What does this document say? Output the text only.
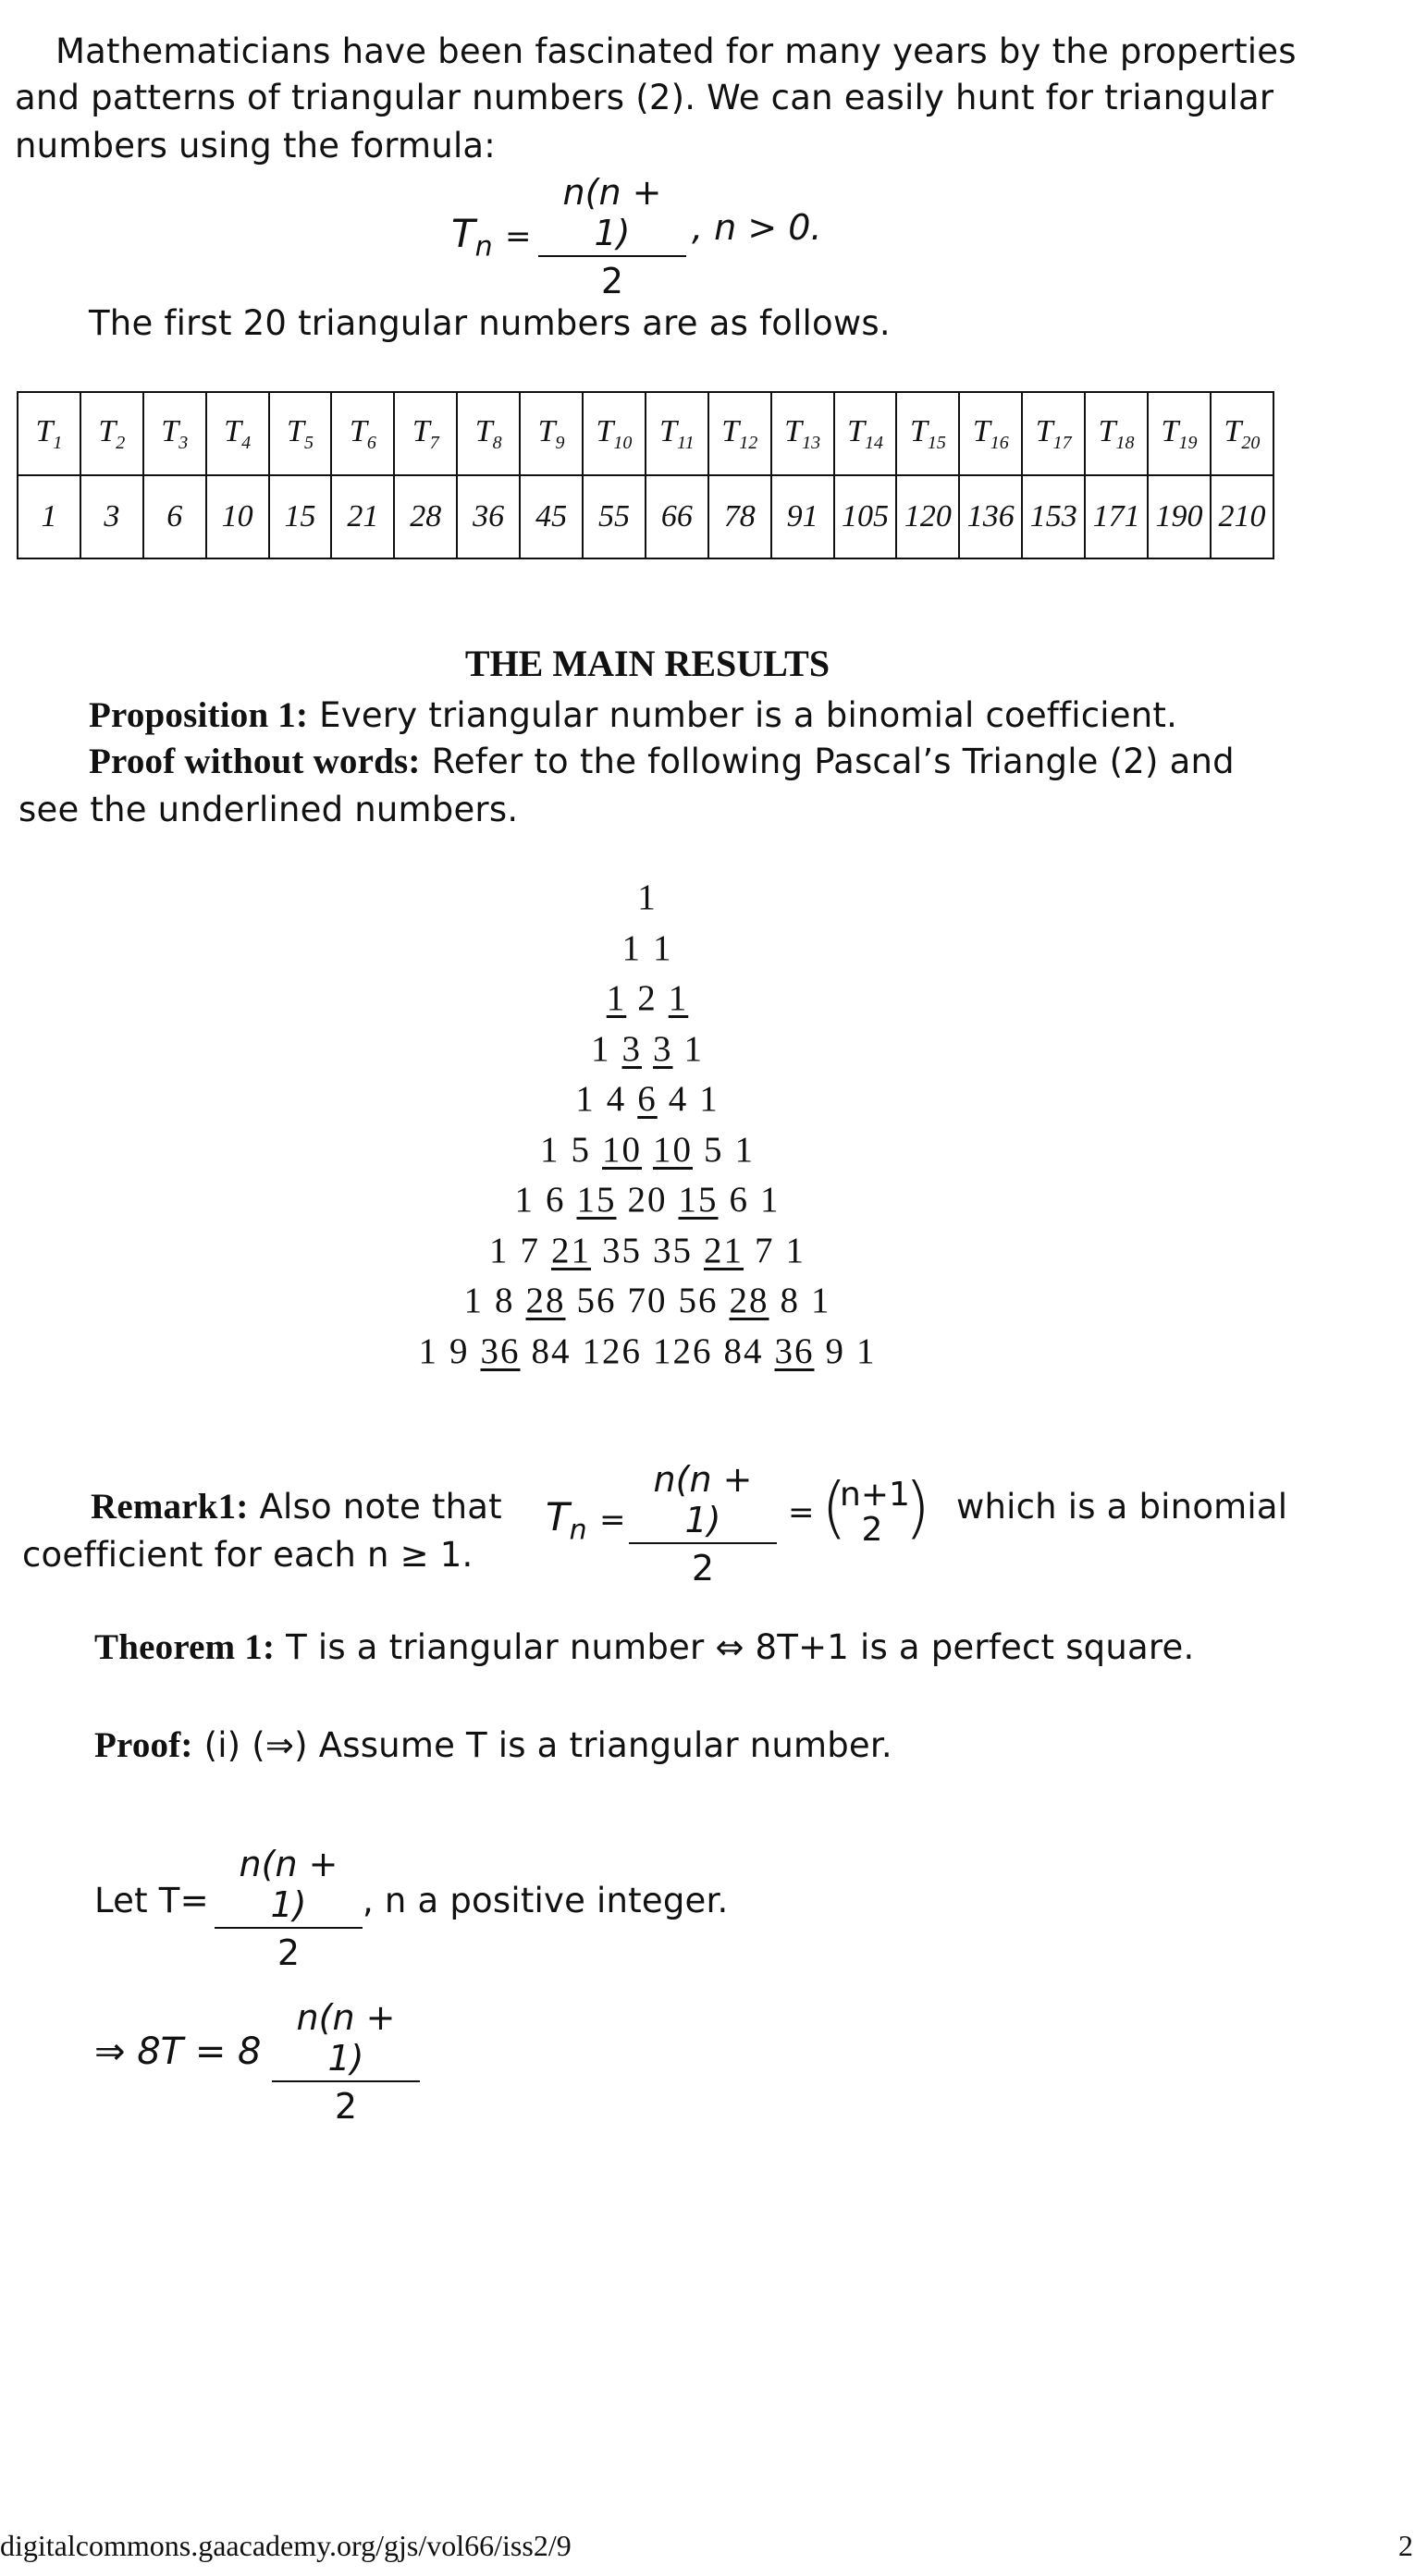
Mathematicians have been fascinated for many years by the properties
and patterns of triangular numbers (2). We can easily hunt for triangular
numbers using the formula:
$T_n = \frac{n(n + 1)}{2}$ , n > 0.
The first 20 triangular numbers are as follows.
$T_1$	$T_2$	$T_3$	$T_4$	$T_5$	$T_6$	$T_7$	$T_8$	$T_9$	$T_{10}$	$T_{11}$	$T_{12}$	$T_{13}$	$T_{14}$	$T_{15}$	$T_{16}$	$T_{17}$	$T_{18}$	$T_{19}$	$T_{20}$
1	3	6	10	15	21	28	36	45	55	66	78	91	105	120	136	153	171	190	210
THE MAIN RESULTS
Proposition 1: Every triangular number is a binomial coefficient.
Proof without words: Refer to the following Pascal’s Triangle (2) and
see the underlined numbers.
1
1 1
1 2 1
1 3 3 1
1 4 6 4 1
1 5 10 10 5 1
1 6 15 20 15 6 1
1 7 21 35 35 21 7 1
1 8 28 56 70 56 28 8 1
1 9 36 84 126 126 84 36 9 1
Remark1: Also note that $T_n = \frac{n(n + 1)}{2}$ = (
n+1
2 ) which is a binomial
coefficient for each n ≥ 1.
Theorem 1: T is a triangular number ⇔ 8T+1 is a perfect square.
Proof: (i) (⇒) Assume T is a triangular number.
Let $T= \frac{n(n + 1)}{2}$ , n a positive integer.
⇒ $8T = 8 \frac{n(n + 1)}{2}$
digitalcommons.gaacademy.org/gjs/vol66/iss2/9	2
